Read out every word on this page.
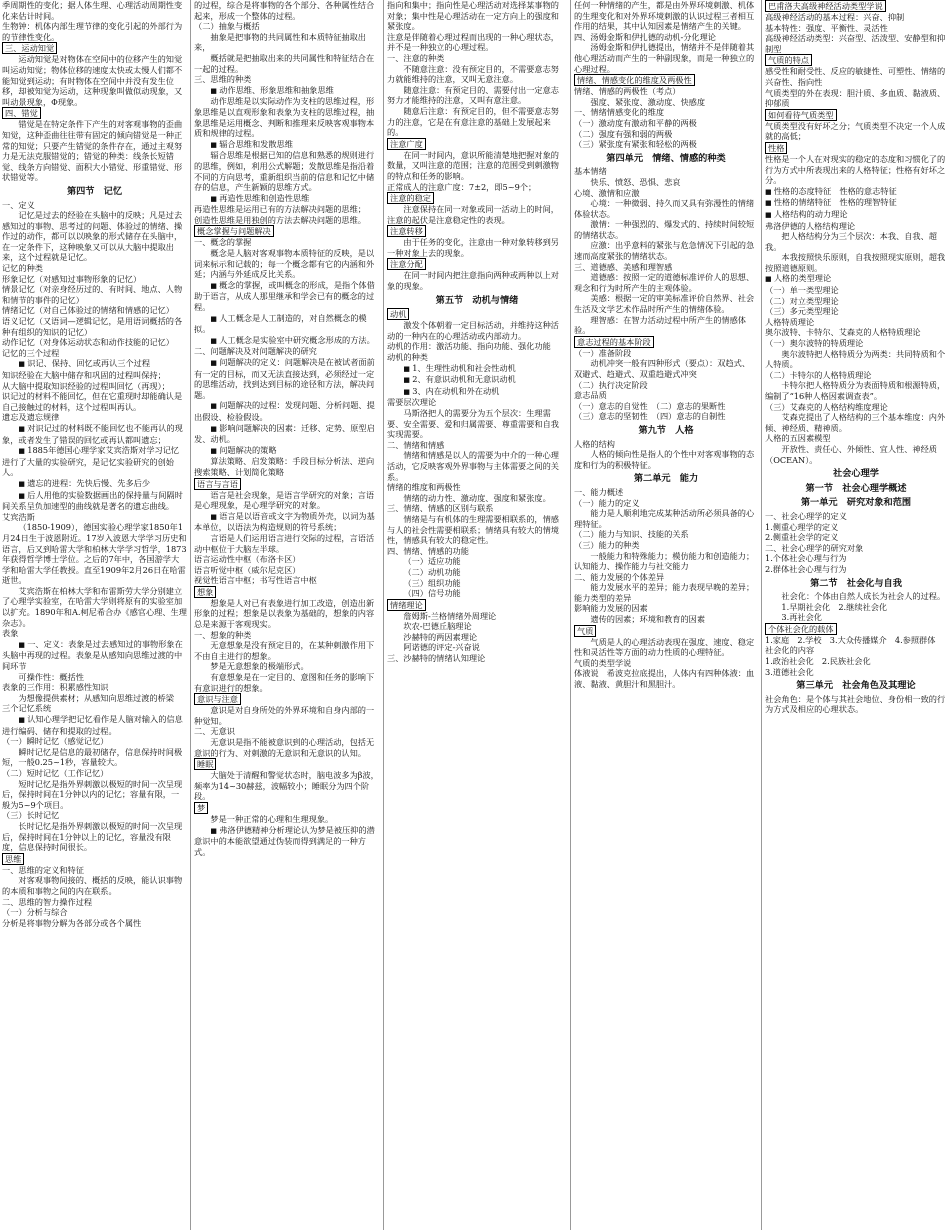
季周期性的变化；据人体生理、心理活动周期性变化来估计时间。

生物钟：机体内部生理节律的变化引起的外部行为的节律性变化。

三、运动知觉

运动知觉是对物体在空间中的位移产生的知觉叫运动知觉；物体位移的速度太快或太慢人们都不能知觉到运动；有时物体在空间中并没有发生位移，却被知觉为运动，这种现象叫做似动现象，又叫动景现象，Φ现象。

四、错觉

错觉是在特定条件下产生的对客观事物的歪曲知觉，这种歪曲往往带有固定的倾向错觉是一种正常的知觉；只要产生错觉的条件存在，通过主观努力是无法克服错觉的；错觉的种类：线条长短错觉、线条方向错觉、面积大小错觉、形重错觉、形状错觉等。

第四节　记忆

一、定义

记忆是过去的经验在头脑中的反映；凡是过去感知过的事物、思考过的问题、体验过的情绪、操作过的动作，都可以以映象的形式储存在头脑中，在一定条件下，这种映象又可以从大脑中提取出来，这个过程就是记忆。

记忆的种类

形象记忆（对感知过事物形象的记忆）

情景记忆（对亲身经历过的、有时间、地点、人物和情节的事件的记忆）

情绪记忆（对自己体验过的情绪和情感的记忆）

语义记忆（又语词—逻辑记忆，是用语词概括的各种有组织的知识的记忆）

动作记忆（对身体运动状态和动作技能的记忆）

记忆的三个过程

■ 识记、保持、回忆或再认三个过程

知识经验在大脑中储存和巩固的过程叫保持；

从大脑中提取知识经验的过程叫回忆（再现）；

识记过的材料不能回忆，但在它重现时却能确认是自己接触过的材料，这个过程叫再认。

遗忘及遗忘规律

■ 对识记过的材料既不能回忆也不能再认的现象，或者发生了错误的回忆或再认都叫遗忘；

■ 1885年德国心理学家艾宾浩斯对学习记忆进行了大量的实验研究，是记忆实验研究的创始人。

■ 遗忘的进程：先快后慢、先多后少

■ 后人用他的实验数据画出的保持量与间隔时间关系呈负加速型的曲线就是著名的遗忘曲线。

艾宾浩斯

（1850-1909），德国实验心理学家1850年1月24日生于波恩附近。17岁入波恩大学学习历史和语言，后又到哈雷大学和柏林大学学习哲学，1873年获得哲学博士学位。之后的7年中，各国游学大学和哈雷大学任教授。直至1909年2月26日在哈雷逝世。

艾宾浩斯在柏林大学和布雷斯劳大学分别建立了心理学实验室，在哈雷大学则将原有的实验室加以扩充。1890年和A.柯尼希合办《感官心理、生理杂志》。

表象

■ 一、定义：表象是过去感知过的事物形象在头脑中再现的过程。表象是从感知向思维过渡的中间环节

可操作性：概括性

表象的三作用：积累感性知识

为想像提供素材；从感知向思维过渡的桥梁

三个记忆系统

■ 认知心理学把记忆看作是人脑对输入的信息进行编码、储存和提取的过程。

（一）瞬时记忆（感觉记忆）

瞬时记忆是信息的最初储存，信息保持时间极短，一般0.25~1秒，容量较大。

（二）短时记忆（工作记忆）

短时记忆是指外界刺激以极短的时间一次呈现后，保持时间在1分钟以内的记忆；容量有限，一般为5~9个项目。

（三）长时记忆

长时记忆是指外界刺激以极短的时间一次呈现后，保持时间在1分钟以上的记忆，容量没有限度，信息保持时间很长。

思维

一、思维的定义和特征

对客观事物间接的、概括的反映，能认识事物的本质和事物之间的内在联系。

二、思维的智力操作过程

（一）分析与综合

分析是将事物分解为各部分或各个属性

的过程，综合是将事物的各个部分、各种属性结合起来，形成一个整体的过程。

（二）抽象与概括

抽象是把事物的共同属性和本质特征抽取出来，

概括就是把抽取出来的共同属性和特征结合在一起的过程。

三、思维的种类

■ 动作思维、形象思维和抽象思维

动作思维是以实际动作为支柱的思维过程，形象思维是以直观形象和表象为支柱的思维过程，抽象思维是运用概念、判断和推理来反映客观事物本质和规律的过程。

■ 辐合思维和发散思维

辐合思维是根据已知的信息和熟悉的规则进行的思维，例如，利用公式解题；发散思维是指沿着不同的方向思考，重新组织当前的信息和记忆中储存的信息，产生新颖的思维方式。

■ 再造性思维和创造性思维

再造性思维是运用已有的方法解决问题的思维；

创造性思维是用独创的方法去解决问题的思维。

概念掌握与问题解决

一、概念的掌握

概念是人脑对客观事物本质特征的反映，是以词来标示和记载的；每一个概念都有它的内涵和外延；内涵与外延成反比关系。

■ 概念的掌握，或叫概念的形成，是指个体借助于语言，从成人那里继承和学会已有的概念的过程。

■ 人工概念是人工制造的，对自然概念的模拟。

■ 人工概念是实验室中研究概念形成的方法。

二、问题解决及对问题解决的研究

■ 问题解决的定义：问题解决是在被试者面前有一定的目标，而又无法直接达到，必须经过一定的思维活动，找到达到目标的途径和方法，解决问题。

■ 问题解决的过程：发现问题、分析问题、提出假设、检验假设。

■ 影响问题解决的因素：迁移、定势、原型启发、动机。

■ 问题解决的策略

算法策略、启发策略：手段目标分析法、逆向搜索策略、计划简化策略

语言与言语

语言是社会现象，是语言学研究的对象；言语是心理现象，是心理学研究的对象。

■ 语言是以语音或文字为物质外壳，以词为基本单位，以语法为构造规则的符号系统；

言语是人们运用语言进行交际的过程，言语活动中枢位于大脑左半球。

语言运动性中枢（布洛卡区）

语言听觉中枢（威尔尼克区）

视觉性语言中枢；书写性语言中枢

想象

想象是人对已有表象进行加工改造，创造出新形象的过程；想象是以表象为基础的，想象的内容总是来源于客观现实。

一、想象的种类

无意想象是没有预定目的，在某种刺激作用下不由自主进行的想象。

梦是无意想象的极端形式。

有意想象是在一定目的、意图和任务的影响下有意识进行的想象。

意识与注意

意识是对自身所处的外界环境和自身内部的一种觉知。

二、无意识

无意识是指不能被意识到的心理活动，包括无意识的行为、对刺激的无意识和无意识的认知。

睡眠

大脑处于清醒和警觉状态时，脑电波多为β波，频率为14~30赫兹，波幅较小；睡眠分为四个阶段。

梦

梦是一种正常的心理和生理现象。

■ 弗洛伊德精神分析理论认为梦是被压抑的潜意识中的本能欲望通过伪装而得到满足的一种方式。

指向和集中；指向性是心理活动对选择某事物的对象；集中性是心理活动在一定方向上的强度和紧张度。

注意是伴随着心理过程而出现的一种心理状态，并不是一种独立的心理过程。

一、注意的种类

不随意注意：没有预定目的，不需要意志努力就能维持的注意，又叫无意注意。

随意注意：有预定目的、需要付出一定意志努力才能维持的注意，又叫有意注意。

随意后注意：有预定目的，但不需要意志努力的注意，它是在有意注意的基础上发展起来的。

注意广度

在同一时间内，意识所能清楚地把握对象的数量，又叫注意的范围；注意的范围受到刺激物的特点和任务的影响。

正常成人的注意广度：7±2，即5~9个；

注意的稳定

注意保持在同一对象或同一活动上的时间，注意的起伏是注意稳定性的表现。

注意转移

由于任务的变化，注意由一种对象转移到另一种对象上去的现象。

注意分配

在同一时间内把注意指向两种或两种以上对象的现象。

第五节　动机与情绪

动机

激发个体朝着一定目标活动，并维持这种活动的一种内在的心理活动或内部动力。

动机的作用：激活功能、指向功能、强化功能

动机的种类

■ 1、生理性动机和社会性动机

■ 2、有意识动机和无意识动机

■ 3、内在动机和外在动机

需要层次理论

马斯洛把人的需要分为五个层次：生理需要、安全需要、爱和归属需要、尊重需要和自我实现需要。

二、情绪和情感

情绪和情感是以人的需要为中介的一种心理活动，它反映客观外界事物与主体需要之间的关系。

情绪的维度和两极性

情绪的动力性、激动度、强度和紧张度。

三、情绪、情感的区别与联系

情绪是与有机体的生理需要相联系的，情感与人的社会性需要相联系；情绪具有较大的情境性，情感具有较大的稳定性。

四、情绪、情感的功能

（一）适应功能

（二）动机功能

（三）组织功能

（四）信号功能

情绪理论

詹姆斯-兰格情绪外周理论

坎农-巴德丘脑理论

沙赫特的两因素理论

阿诺德的评定-兴奋说

三、沙赫特的情绪认知理论

任何一种情绪的产生，都是由外界环境刺激、机体的生理变化和对外界环境刺激的认识过程三者相互作用的结果，其中认知因素是情绪产生的关键。

四、汤姆金斯和伊扎德的动机-分化理论

汤姆金斯和伊扎德提出，情绪并不是伴随着其他心理活动而产生的一种副现象，而是一种独立的心理过程。

情绪、情感变化的维度及两极性

情绪、情感的两极性（考点）

强度、紧张度、激动度、快感度

一、情绪情感变化的维度

（一）激动度有激动和平静的两极

（二）强度有强和弱的两极

（三）紧张度有紧张和轻松的两极

第四单元　情绪、情感的种类

基本情绪

快乐、愤怒、恐惧、悲哀

心境、激情和应激

心境：一种微弱、持久而又具有弥漫性的情绪体验状态。

激情：一种强烈的、爆发式的、持续时间较短的情绪状态。

应激：出乎意料的紧张与危急情况下引起的急速而高度紧张的情绪状态。

三、道德感、美感和理智感

道德感：按照一定的道德标准评价人的思想、观念和行为时所产生的主观体验。

美感：根据一定的审美标准评价自然界、社会生活及文学艺术作品时所产生的情绪体验。

理智感：在智力活动过程中所产生的情感体验。

意志过程的基本阶段

（一）准备阶段

动机冲突一般有四种形式（要点）：双趋式、双避式、趋避式、双重趋避式冲突

（二）执行决定阶段

意志品质

（一）意志的自觉性　（二）意志的果断性

（三）意志的坚韧性　（四）意志的自制性

第九节　人格

人格的结构

人格的倾向性是指人的个性中对客观事物的态度和行为的积极特征。

第二单元　能力

一、能力概述

（一）能力的定义

能力是人顺利地完成某种活动所必须具备的心理特征。

（二）能力与知识、技能的关系

（三）能力的种类

一般能力和特殊能力；模仿能力和创造能力；认知能力、操作能力与社交能力

二、能力发展的个体差异

能力发展水平的差异；能力表现早晚的差异；能力类型的差异

影响能力发展的因素

遗传的因素；环境和教育的因素

气质

气质是人的心理活动表现在强度、速度、稳定性和灵活性等方面的动力性质的心理特征。

气质的类型学说

体液说　希波克拉底提出，人体内有四种体液：血液、黏液、黄胆汁和黑胆汁。

巴甫洛夫高级神经活动类型学说

高级神经活动的基本过程：兴奋、抑制

基本特性：强度、平衡性、灵活性

高级神经活动类型：兴奋型、活泼型、安静型和抑制型

气质的特点

感受性和耐受性、反应的敏捷性、可塑性、情绪的兴奋性、指向性

气质类型的外在表现：胆汁质、多血质、黏液质、抑郁质

如何看待气质类型

气质类型没有好坏之分；气质类型不决定一个人成就的高低；

性格

性格是一个人在对现实的稳定的态度和习惯化了的行为方式中所表现出来的人格特征；性格有好坏之分。

■ 性格的态度特征　性格的意志特征

■ 性格的情绪特征　性格的理智特征

■ 人格结构的动力理论

弗洛伊德的人格结构理论

把人格结构分为三个层次：本我、自我、超我。

本我按照快乐原则，自我按照现实原则，超我按照道德原则。

■ 人格的类型理论

（一）单一类型理论

（二）对立类型理论

（三）多元类型理论

人格特质理论

奥尔波特、卡特尔、艾森克的人格特质理论

（一）奥尔波特的特质理论

奥尔波特把人格特质分为两类：共同特质和个人特质。

（二）卡特尔的人格特质理论

卡特尔把人格特质分为表面特质和根源特质，编制了“16种人格因素调查表”。

（三）艾森克的人格结构维度理论

艾森克提出了人格结构的三个基本维度：内外倾、神经质、精神质。

人格的五因素模型

开放性、责任心、外倾性、宜人性、神经质（OCEAN）。

社会心理学

第一节　社会心理学概述

第一单元　研究对象和范围

一、社会心理学的定义

1.侧重心理学的定义

2.侧重社会学的定义

二、社会心理学的研究对象

1.个体社会心理与行为

2.群体社会心理与行为

第二节　社会化与自我

社会化：个体由自然人成长为社会人的过程。

1.早期社会化　2.继续社会化

3.再社会化

个体社会化的载体

1.家庭　2.学校　3.大众传播媒介　4.参照群体

社会化的内容

1.政治社会化　2.民族社会化

3.道德社会化

第三单元　社会角色及其理论

社会角色：是个体与其社会地位、身份相一致的行为方式及相应的心理状态。
